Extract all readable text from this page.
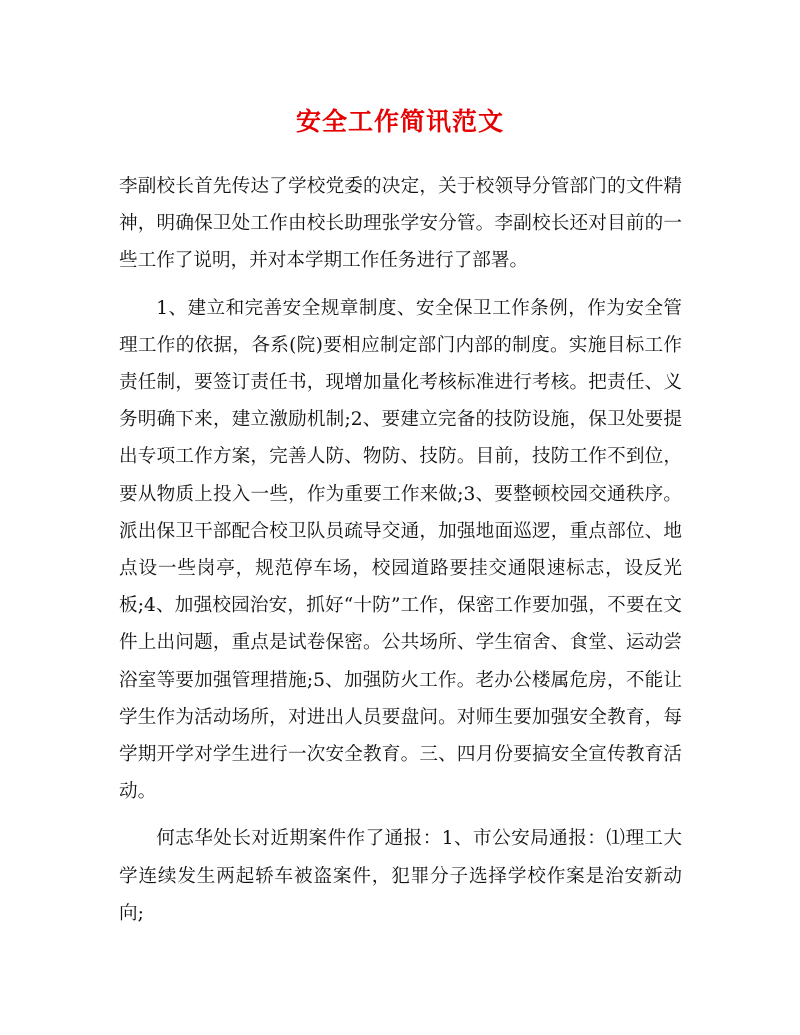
安全工作简讯范文

李副校长首先传达了学校党委的决定，关于校领导分管部门的文件精神，明确保卫处工作由校长助理张学安分管。李副校长还对目前的一些工作了说明，并对本学期工作任务进行了部署。

1、建立和完善安全规章制度、安全保卫工作条例，作为安全管理工作的依据，各系(院)要相应制定部门内部的制度。实施目标工作责任制，要签订责任书，现增加量化考核标准进行考核。把责任、义务明确下来，建立激励机制;2、要建立完备的技防设施，保卫处要提出专项工作方案，完善人防、物防、技防。目前，技防工作不到位，要从物质上投入一些，作为重要工作来做;3、要整顿校园交通秩序。派出保卫干部配合校卫队员疏导交通，加强地面巡逻，重点部位、地点设一些岗亭，规范停车场，校园道路要挂交通限速标志，设反光板;4、加强校园治安，抓好“十防”工作，保密工作要加强，不要在文件上出问题，重点是试卷保密。公共场所、学生宿舍、食堂、运动尝浴室等要加强管理措施;5、加强防火工作。老办公楼属危房，不能让学生作为活动场所，对进出人员要盘问。对师生要加强安全教育，每学期开学对学生进行一次安全教育。三、四月份要搞安全宣传教育活动。

何志华处长对近期案件作了通报：1、市公安局通报：⑴理工大学连续发生两起轿车被盗案件，犯罪分子选择学校作案是治安新动向;
